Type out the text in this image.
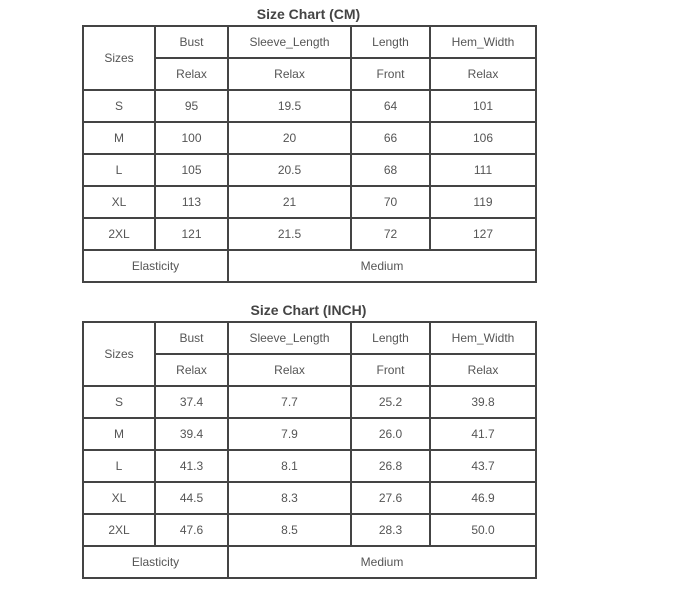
Size Chart (CM)
Sizes	Bust	Sleeve_Length	Length	Hem_Width
	Relax	Relax	Front	Relax
S	95	19.5	64	101
M	100	20	66	106
L	105	20.5	68	111
XL	113	21	70	119
2XL	121	21.5	72	127
Elasticity		Medium		
Size Chart (INCH)
Sizes	Bust	Sleeve_Length	Length	Hem_Width
	Relax	Relax	Front	Relax
S	37.4	7.7	25.2	39.8
M	39.4	7.9	26.0	41.7
L	41.3	8.1	26.8	43.7
XL	44.5	8.3	27.6	46.9
2XL	47.6	8.5	28.3	50.0
Elasticity		Medium		
